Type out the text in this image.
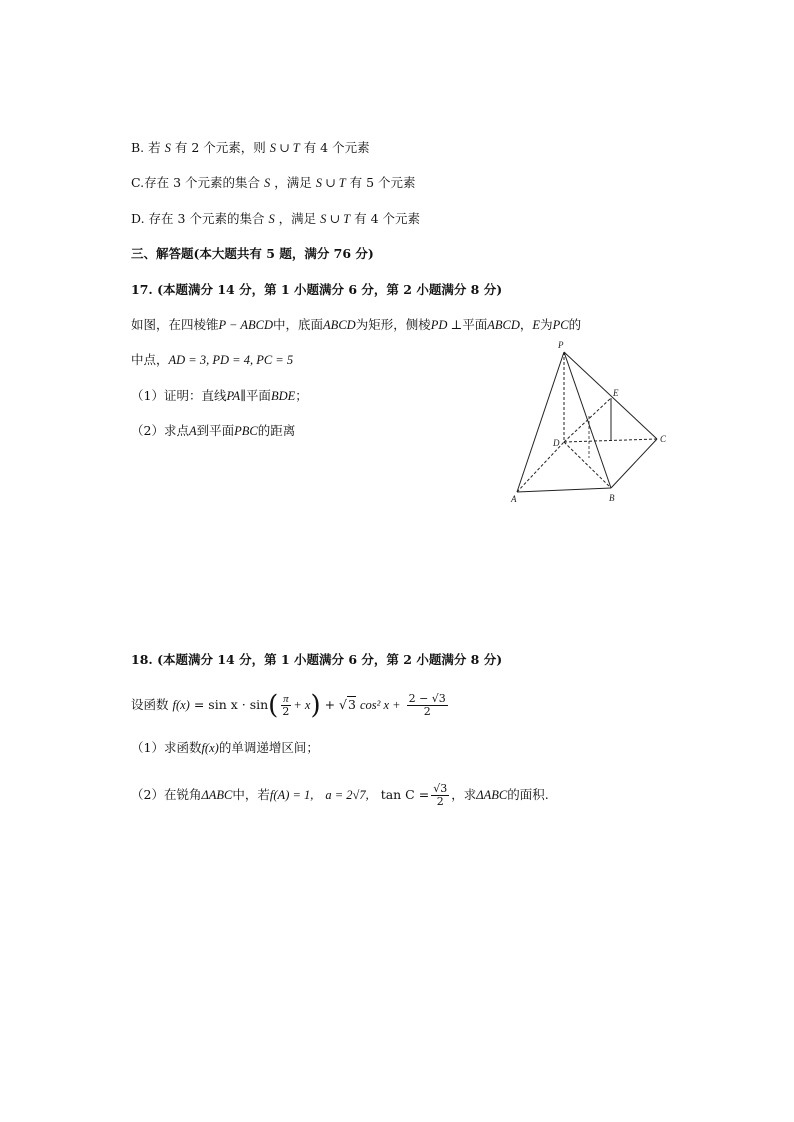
B. 若 S 有 2 个元素，则 S ∪ T 有 4 个元素
C.存在 3 个元素的集合 S ，满足 S ∪ T 有 5 个元素
D. 存在 3 个元素的集合 S ，满足 S ∪ T 有 4 个元素
三、解答题(本大题共有 5 题，满分 76 分)
17. (本题满分 14 分，第 1 小题满分 6 分，第 2 小题满分 8 分)
如图，在四棱锥P − ABCD中，底面ABCD为矩形，侧棱PD ⊥平面ABCD，E为PC的
中点，AD = 3, PD = 4, PC = 5
（1）证明：直线PA∥平面BDE；
（2）求点A到平面PBC的距离
P
E
D	C
A	B
18. (本题满分 14 分，第 1 小题满分 6 分，第 2 小题满分 8 分)
设函数 $f(x) = \sin x \cdot \sin( \frac{\pi}{2} + x) + √3$ cos² $x + \frac{2 - √3}{2}$
（1）求函数f(x)的单调递增区间；
（2）在锐角ΔABC中，若f(A) = 1, a = 2√7, $\tan C = \frac{√3}{2}$ ，求ΔABC的面积.
